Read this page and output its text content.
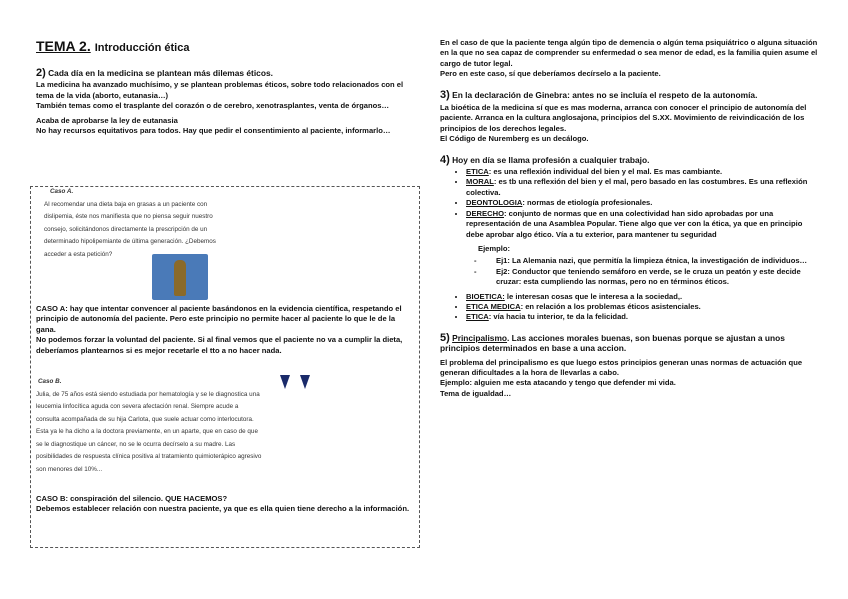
TEMA 2. Introducción ética

2) Cada día en la medicina se plantean más dilemas éticos.

La medicina ha avanzado muchísimo, y se plantean problemas éticos, sobre todo relacionados con el tema de la vida (aborto, eutanasia…)

También temas como el trasplante del corazón o de cerebro, xenotrasplantes, venta de órganos…

Acaba de aprobarse la ley de eutanasia

No hay recursos equitativos para todos. Hay que pedir el consentimiento al paciente, informarlo…

Caso A.
Al recomendar una dieta baja en grasas a un paciente con
dislipemia, éste nos manifiesta que no piensa seguir nuestro
consejo, solicitándonos directamente la prescripción de un
determinado hipolipemiante de última generación. ¿Debemos
acceder a esta petición?

CASO A: hay que intentar convencer al paciente basándonos en la evidencia científica, respetando el principio de autonomía del paciente. Pero este principio no permite hacer al paciente lo que le de la gana.

No podemos forzar la voluntad del paciente. Si al final vemos que el paciente no va a cumplir la dieta, deberíamos plantearnos si es mejor recetarle el tto a no hacer nada.

Caso B.
Julia, de 75 años está siendo estudiada por hematología y se le diagnostica una
leucemia linfocítica aguda con severa afectación renal. Siempre acude a
consulta acompañada de su hija Carlota, que suele actuar como interlocutora.
Esta ya le ha dicho a la doctora previamente, en un aparte, que en caso de que
se le diagnostique un cáncer, no se le ocurra decírselo a su madre. Las
posibilidades de respuesta clínica positiva al tratamiento quimioterápico agresivo
son menores del 10%...

CASO B: conspiración del silencio. QUE HACEMOS?

Debemos establecer relación con nuestra paciente, ya que es ella quien tiene derecho a la información.

En el caso de que la paciente tenga algún tipo de demencia o algún tema psiquiátrico o alguna situación en la que no sea capaz de comprender su enfermedad o sea menor de edad, es la familia quien asume el cargo de tutor legal.

Pero en este caso, sí que deberíamos decírselo a la paciente.

3) En la declaración de Ginebra: antes no se incluía el respeto de la autonomía.

La bioética de la medicina sí que es mas moderna, arranca con conocer el principio de autonomía del paciente. Arranca en la cultura anglosajona, principios del S.XX. Movimiento de reivindicación de los principios de los derechos legales.

El Código de Nuremberg es un decálogo.

4) Hoy en día se llama profesión a cualquier trabajo.

• ETICA: es una reflexión individual del bien y el mal. Es mas cambiante.
• MORAL: es tb una reflexión del bien y el mal, pero basado en las costumbres. Es una reflexión colectiva.
• DEONTOLOGIA: normas de etiología profesionales.
• DERECHO: conjunto de normas que en una colectividad han sido aprobadas por una representación de una Asamblea Popular. Tiene algo que ver con la ética, ya que en principio debe aprobar algo ético. Vía a tu exterior, para mantener tu seguridad

Ejemplo:

- Ej1: La Alemania nazi, que permitía la limpieza étnica, la investigación de individuos…
- Ej2: Conductor que teniendo semáforo en verde, se le cruza un peatón y este decide cruzar: esta cumpliendo las normas, pero no en términos éticos.
• BIOETICA: le interesan cosas que le interesa a la sociedad,.
• ETICA MEDICA: en relación a los problemas éticos asistenciales.
• ETICA: vía hacia tu interior, te da la felicidad.

5) Principalismo. Las acciones morales buenas, son buenas porque se ajustan a unos principios determinados en base a una accion.

El problema del principalismo es que luego estos principios generan unas normas de actuación que generan dificultades a la hora de llevarlas a cabo.

Ejemplo: alguien me esta atacando y tengo que defender mi vida.

Tema de igualdad…
